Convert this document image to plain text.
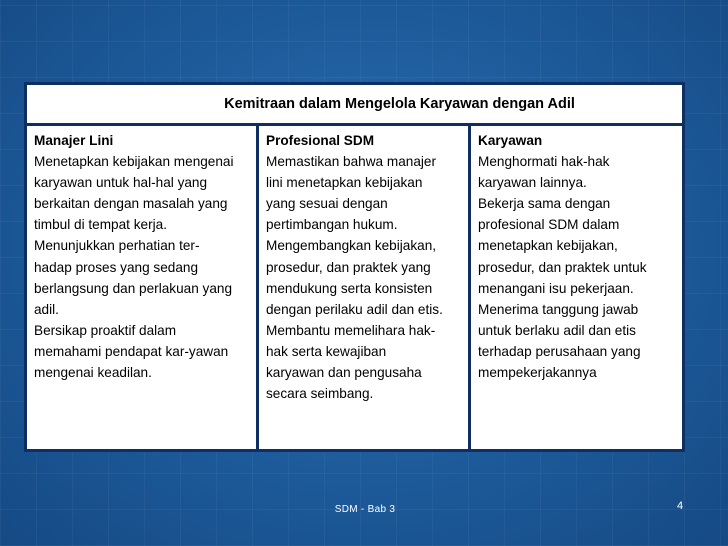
Kemitraan dalam Mengelola Karyawan dengan Adil
Manajer Lini
Menetapkan kebijakan mengenai
karyawan untuk hal-hal yang
berkaitan dengan masalah yang
timbul di tempat kerja.
Menunjukkan perhatian ter-
hadap proses yang sedang
berlangsung dan perlakuan yang
adil.
Bersikap proaktif dalam
memahami pendapat kar-yawan
mengenai keadilan.
Profesional SDM
Memastikan bahwa manajer
lini menetapkan kebijakan
yang sesuai dengan
pertimbangan hukum.
Mengembangkan kebijakan,
prosedur, dan praktek yang
mendukung serta konsisten
dengan perilaku adil dan etis.
Membantu memelihara hak-
hak serta kewajiban
karyawan dan pengusaha
secara seimbang.
Karyawan
Menghormati hak-hak
karyawan lainnya.
Bekerja sama dengan
profesional SDM dalam
menetapkan kebijakan,
prosedur, dan praktek untuk
menangani isu pekerjaan.
Menerima tanggung jawab
untuk berlaku adil dan etis
terhadap perusahaan yang
mempekerjakannya
SDM - Bab 3	4
